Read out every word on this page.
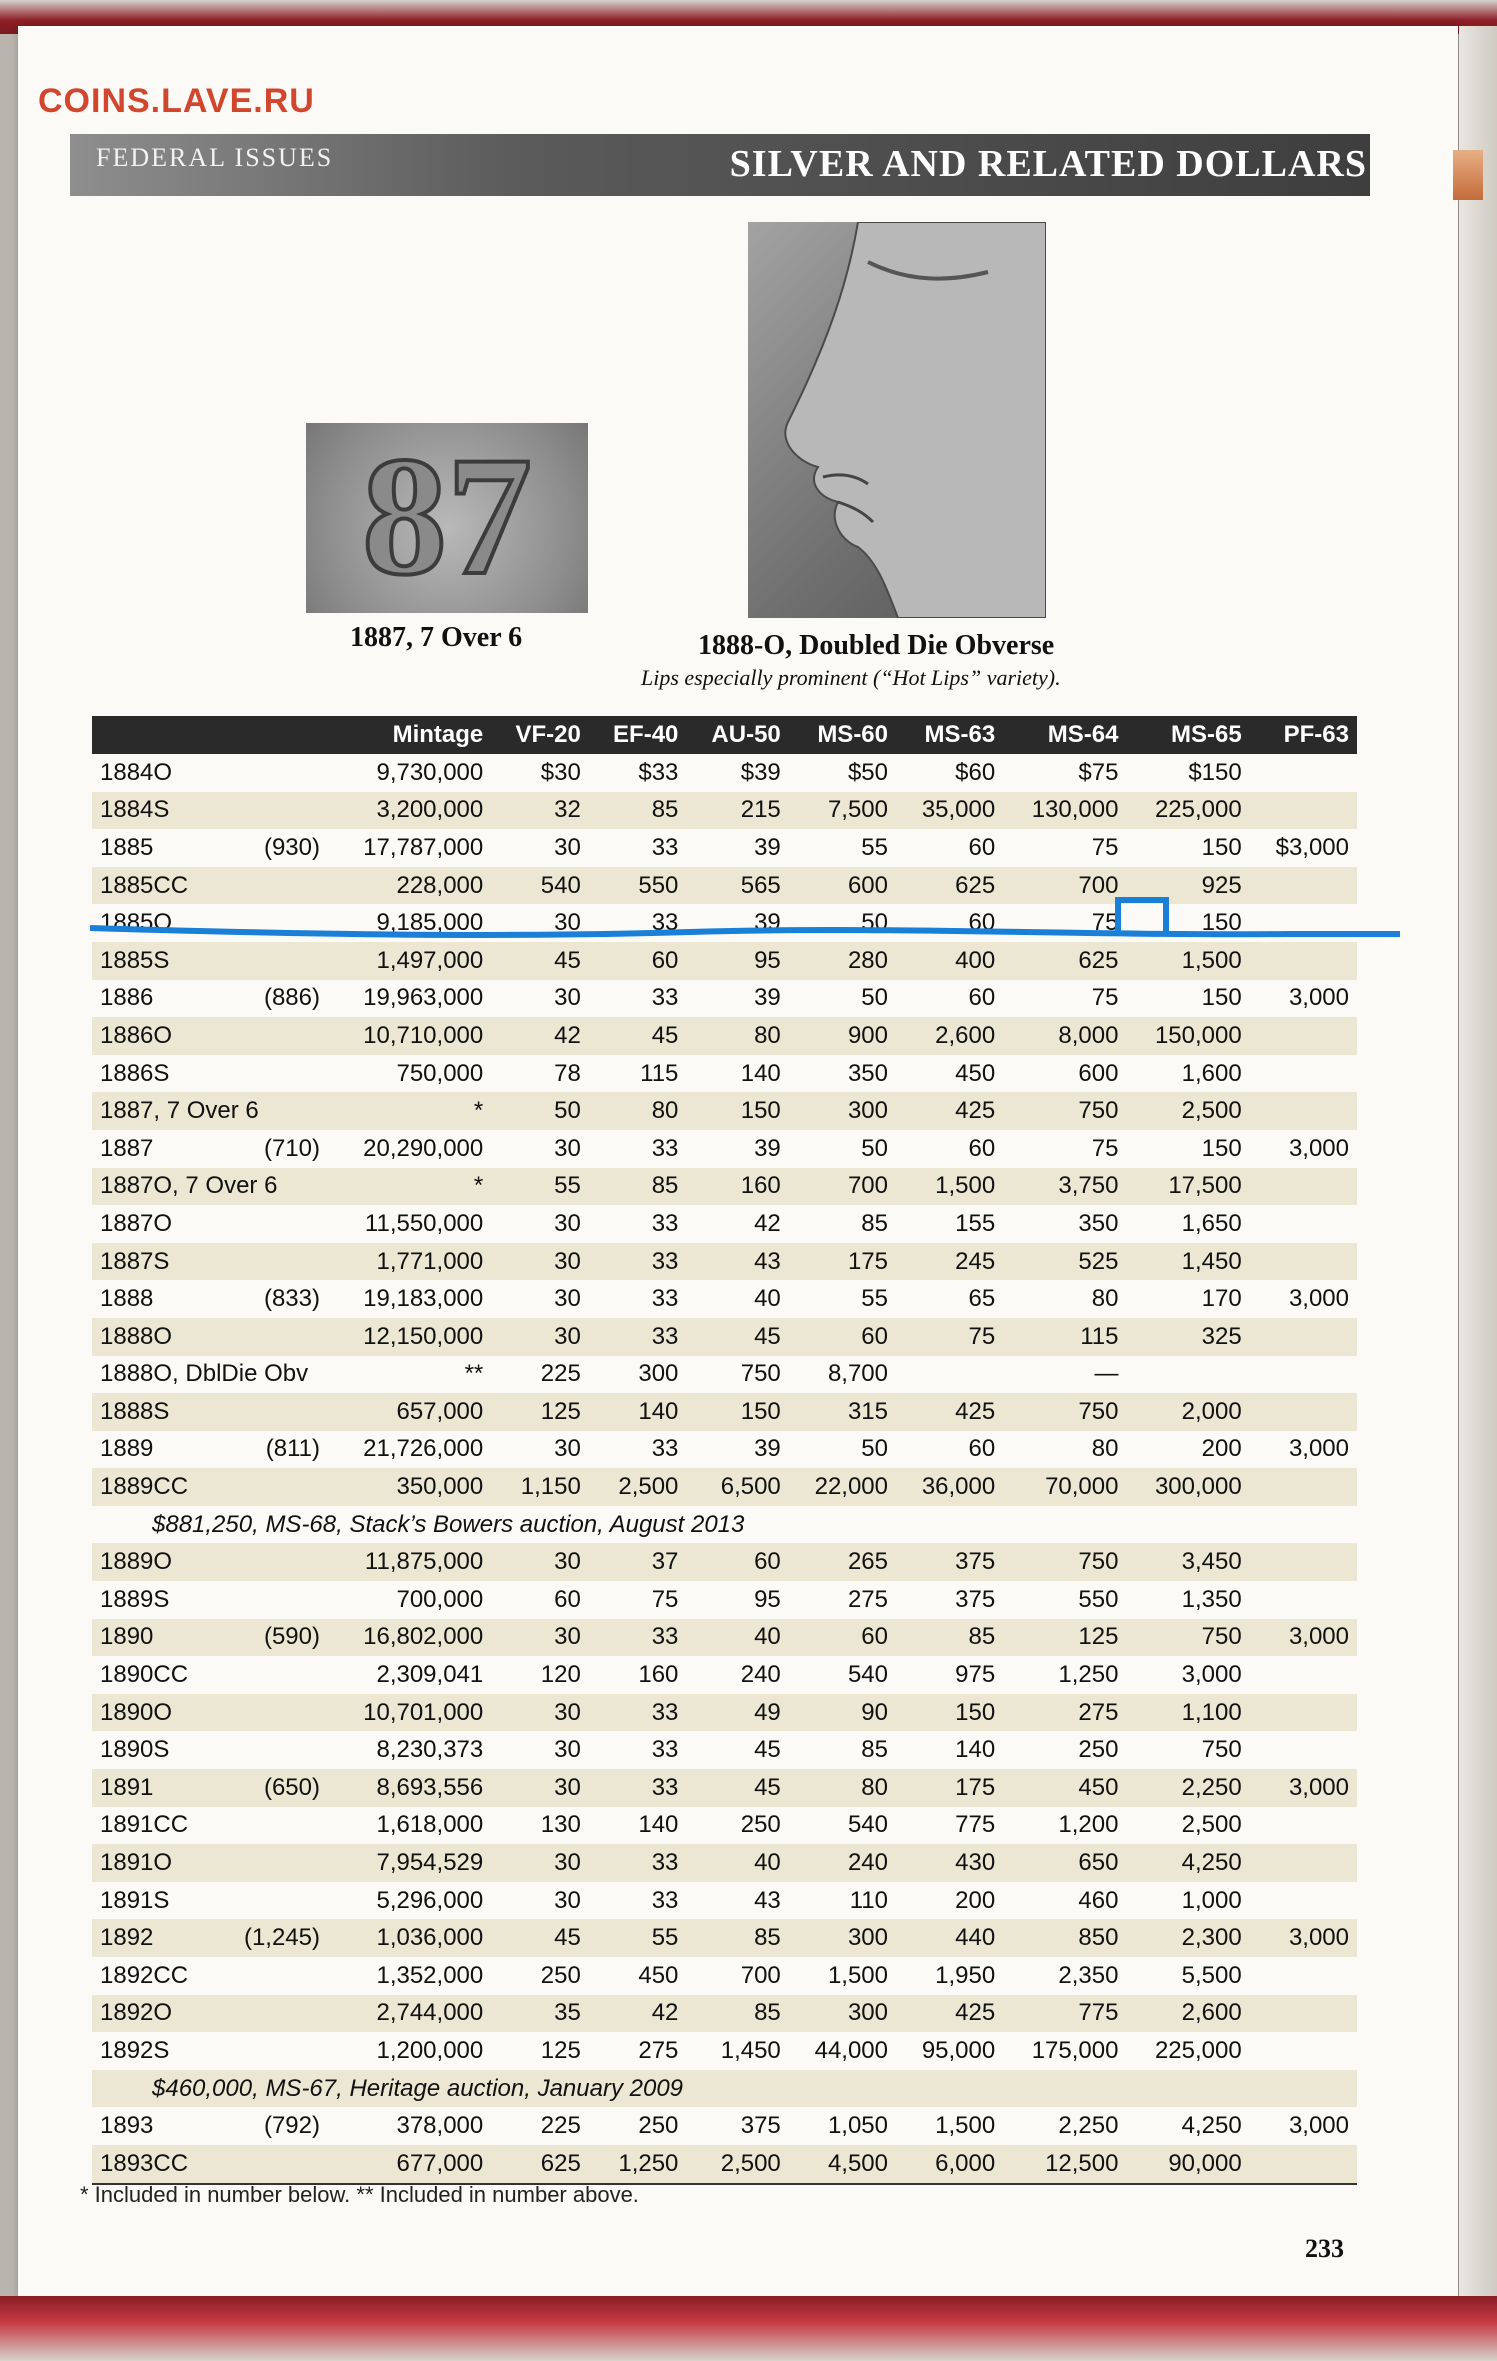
COINS.LAVE.RU
FEDERAL ISSUES	SILVER AND RELATED DOLLARS
87
1887, 7 Over 6	1888-O, Doubled Die Obverse
Lips especially prominent (“Hot Lips” variety).
	Mintage	VF-20	EF-40	AU-50	MS-60	MS-63	MS-64	MS-65	PF-63
1884O	9,730,000	$30	$33	$39	$50	$60	$75	$150	
1884S	3,200,000	32	85	215	7,500	35,000	130,000	225,000	
1885 (930)	17,787,000	30	33	39	55	60	75	150	$3,000
1885CC	228,000	540	550	565	600	625	700	925	
1885O	9,185,000	30	33	39	50	60	75	150	
1885S	1,497,000	45	60	95	280	400	625	1,500	
1886 (886)	19,963,000	30	33	39	50	60	75	150	3,000
1886O	10,710,000	42	45	80	900	2,600	8,000	150,000	
1886S	750,000	78	115	140	350	450	600	1,600	
1887, 7 Over 6	*	50	80	150	300	425	750	2,500	
1887 (710)	20,290,000	30	33	39	50	60	75	150	3,000
1887O, 7 Over 6	*	55	85	160	700	1,500	3,750	17,500	
1887O	11,550,000	30	33	42	85	155	350	1,650	
1887S	1,771,000	30	33	43	175	245	525	1,450	
1888 (833)	19,183,000	30	33	40	55	65	80	170	3,000
1888O	12,150,000	30	33	45	60	75	115	325	
1888O, DblDie Obv	**	225	300	750	8,700		—		
1888S	657,000	125	140	150	315	425	750	2,000	
1889 (811)	21,726,000	30	33	39	50	60	80	200	3,000
1889CC	350,000	1,150	2,500	6,500	22,000	36,000	70,000	300,000	
$881,250, MS-68, Stack’s Bowers auction, August 2013									
1889O	11,875,000	30	37	60	265	375	750	3,450	
1889S	700,000	60	75	95	275	375	550	1,350	
1890 (590)	16,802,000	30	33	40	60	85	125	750	3,000
1890CC	2,309,041	120	160	240	540	975	1,250	3,000	
1890O	10,701,000	30	33	49	90	150	275	1,100	
1890S	8,230,373	30	33	45	85	140	250	750	
1891 (650)	8,693,556	30	33	45	80	175	450	2,250	3,000
1891CC	1,618,000	130	140	250	540	775	1,200	2,500	
1891O	7,954,529	30	33	40	240	430	650	4,250	
1891S	5,296,000	30	33	43	110	200	460	1,000	
1892 (1,245)	1,036,000	45	55	85	300	440	850	2,300	3,000
1892CC	1,352,000	250	450	700	1,500	1,950	2,350	5,500	
1892O	2,744,000	35	42	85	300	425	775	2,600	
1892S	1,200,000	125	275	1,450	44,000	95,000	175,000	225,000	
$460,000, MS-67, Heritage auction, January 2009									
1893 (792)	378,000	225	250	375	1,050	1,500	2,250	4,250	3,000
1893CC	677,000	625	1,250	2,500	4,500	6,000	12,500	90,000	
* Included in number below. ** Included in number above.
233
